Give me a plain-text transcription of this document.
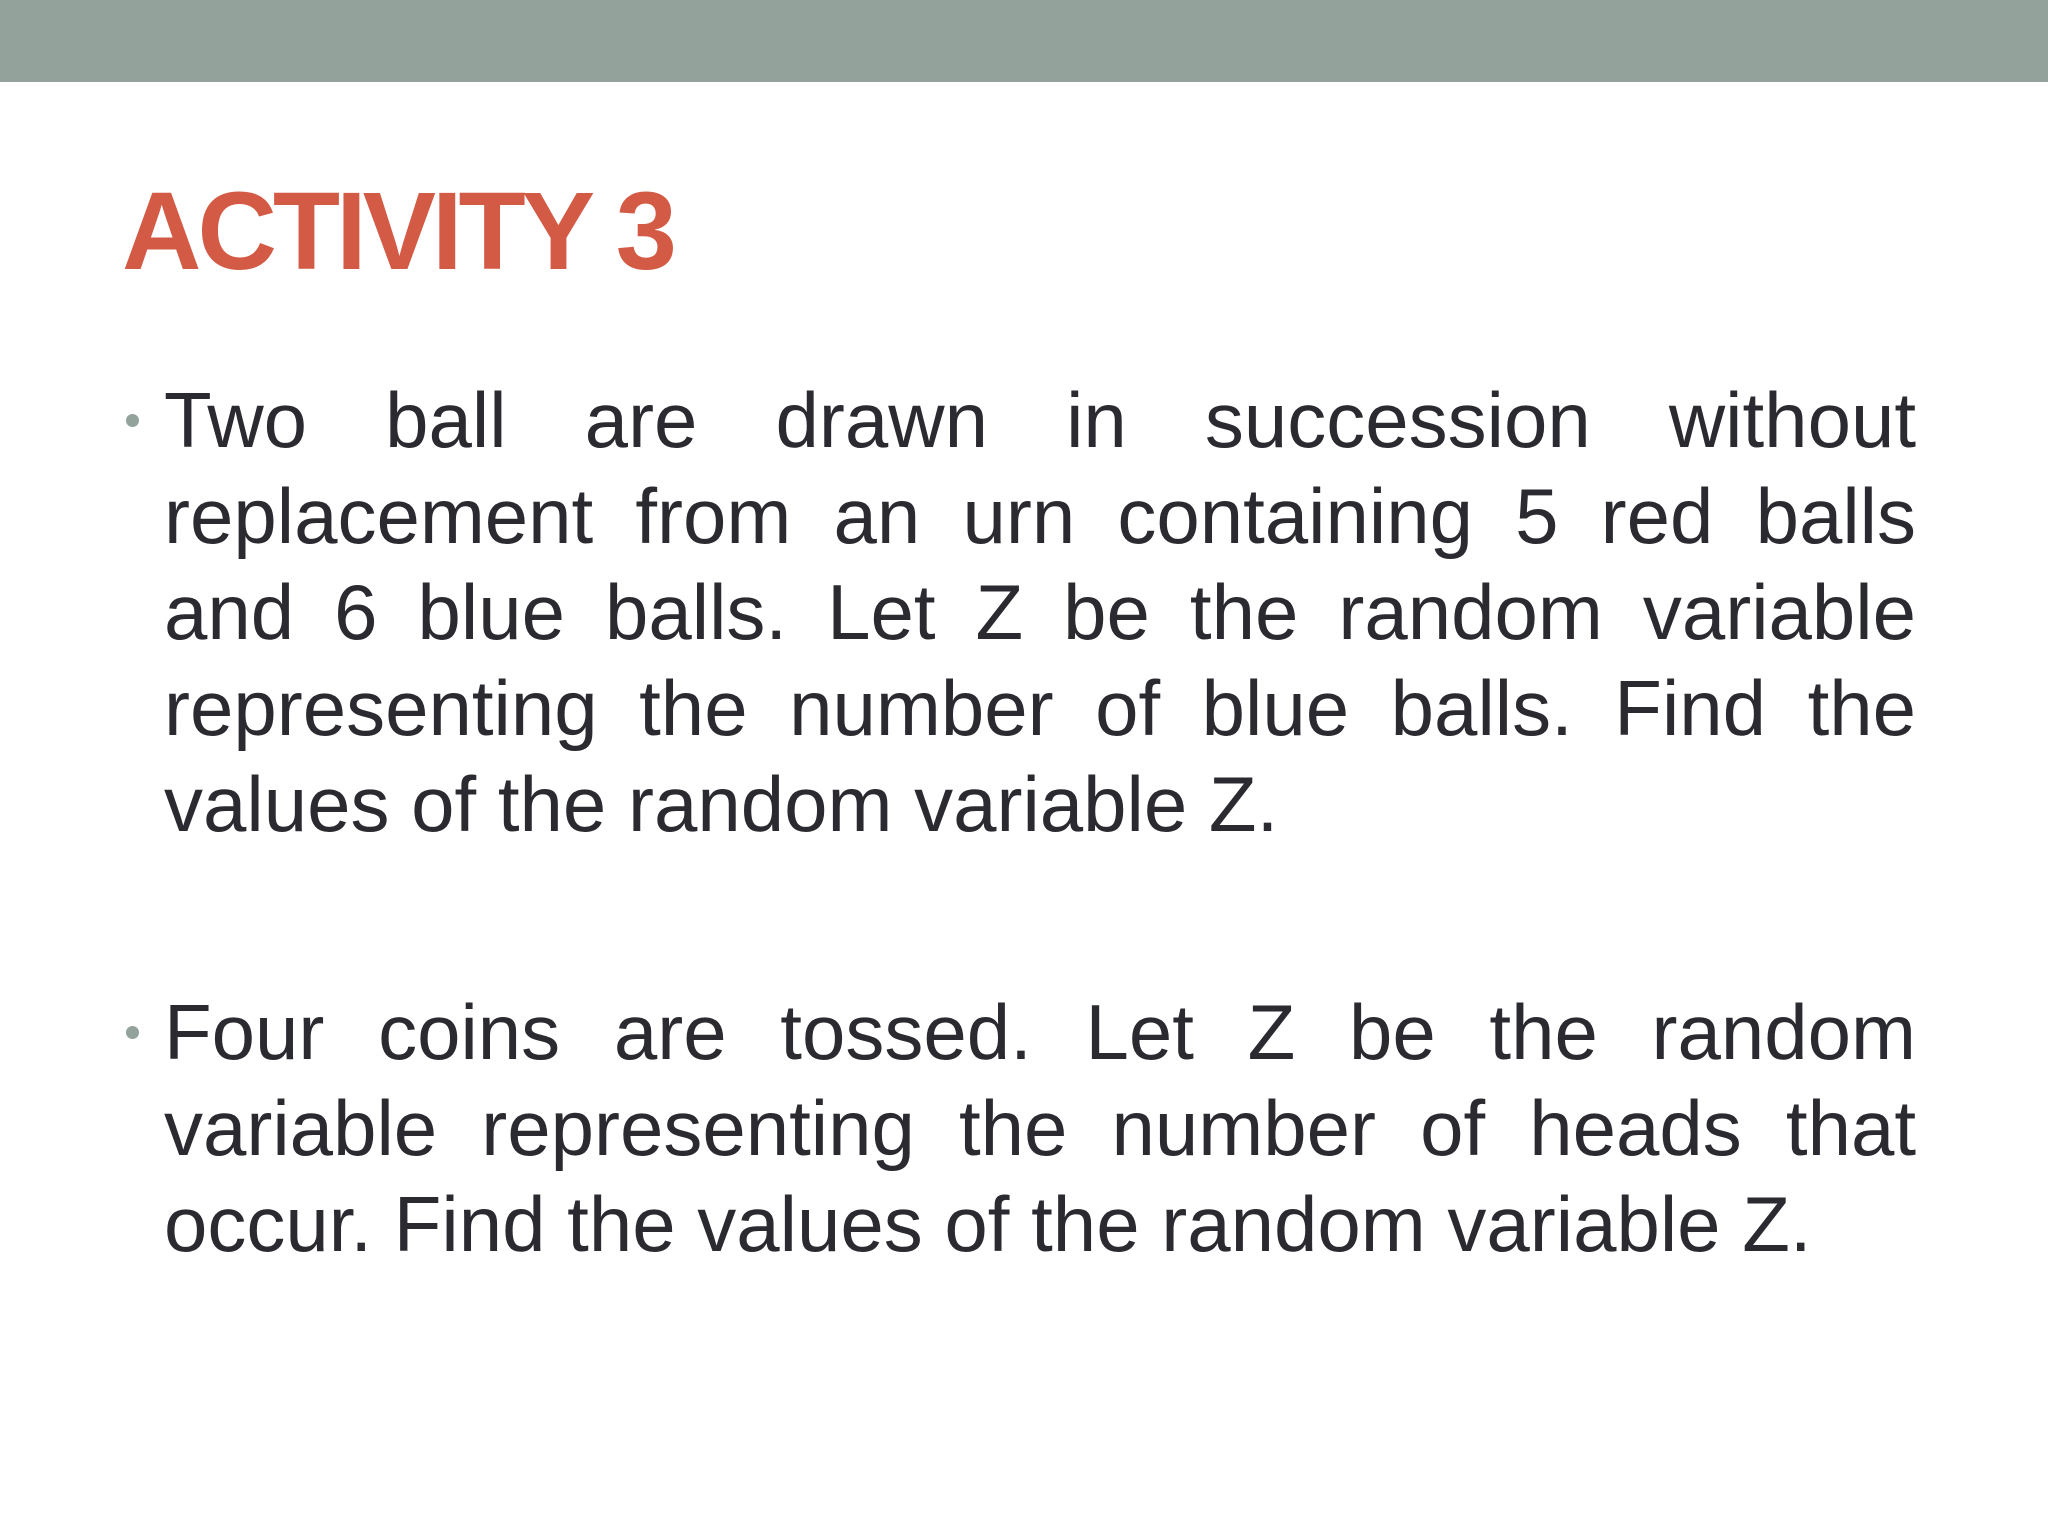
ACTIVITY 3
Two ball are drawn in succession without replacement from an urn containing 5 red balls and 6 blue balls. Let Z be the random variable representing the number of blue balls. Find the values of the random variable Z.
Four coins are tossed. Let Z be the random variable representing the number of heads that occur. Find the values of the random variable Z.
